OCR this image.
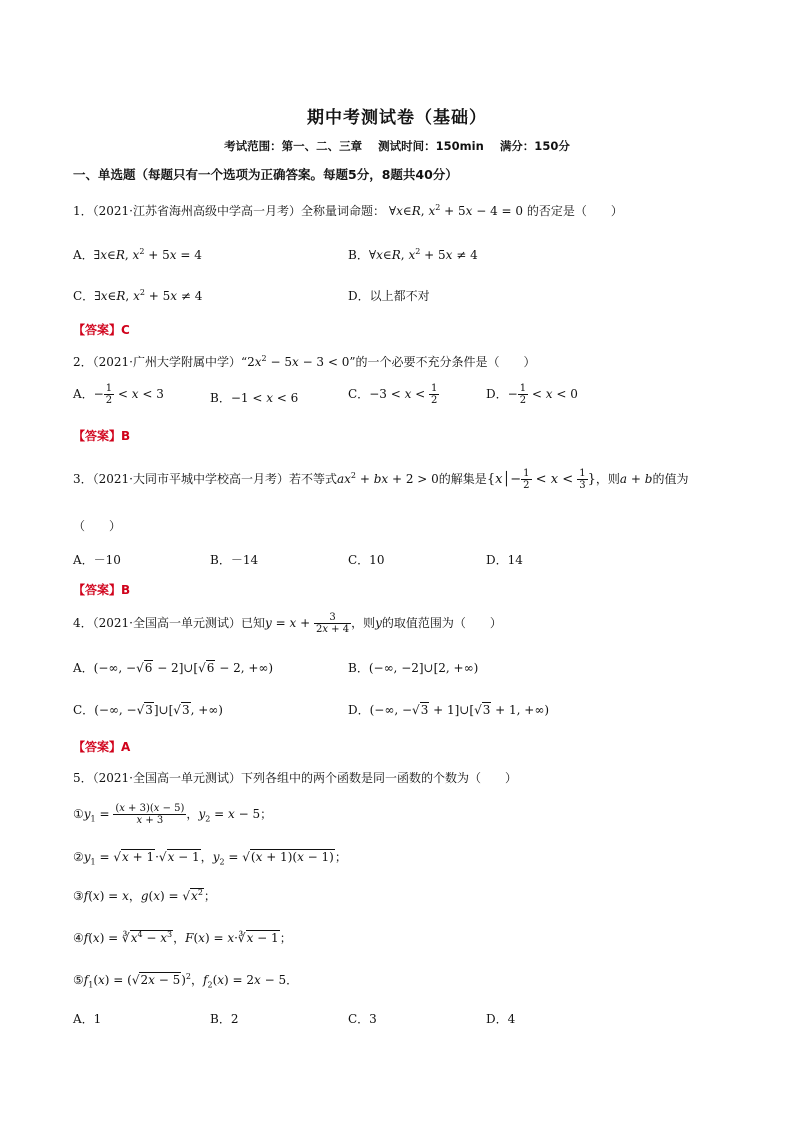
期中考测试卷（基础）
考试范围：第一、二、三章 测试时间：150min 满分：150分
一、单选题（每题只有一个选项为正确答案。每题5分，8题共40分）
1．（2021·江苏省海州高级中学高一月考）全称量词命题： ∀x∈R, $x^2 + 5x - 4 = 0$ 的否定是（　　）
A．∃x∈R, $x^2 + 5x = 4$	B．∀x∈R, $x^2 + 5x \ne 4$
C．∃x∈R, $x^2 + 5x \ne 4$	D．以上都不对
【答案】C
2．（2021·广州大学附属中学）“$2x^2 - 5x - 3 < 0$”的一个必要不充分条件是（　　）
A．− $\frac{1}{2} < x < 3$	B．−1 < x < 6	C．$-3 < x < \frac{1}{2}$	D．− $\frac{1}{2} < x < 0$
【答案】B
3．（2021·大同市平城中学校高一月考）若不等式$ax^2$ + bx + 2 > 0的解集是{x│− $\frac{1}{2} < x < \frac{1}{3}$ }，则a + b的值为
（　　）
A．－10	B．－14	C．10	D．14
【答案】B
4．（2021·全国高一单元测试）已知$y = x + \frac{3}{2x + 4}$ ，则y的取值范围为（　　）
A．(−∞, −√6 − 2]∪[√6 − 2, +∞)	B．(−∞, −2]∪[2, +∞)
C．(−∞, −√3]∪[√3, +∞)	D．(−∞, −√3 + 1]∪[√3 + 1, +∞)
【答案】A
5．（2021·全国高一单元测试）下列各组中的两个函数是同一函数的个数为（　　）
$①y_1 = \frac{(x + 3)(x - 5)}{x + 3}$ ，$y_2 = x - 5$；
$②y_1 = √x + 1\cdot√x - 1$，$y_2 = √(x + 1)(x - 1)$；
③f(x) = x，$g(x) = √x^2$；
④f(x) = $∛x^4 - x^3$，F(x) = x·∛x − 1；
$⑤f_1(x) = (√2x - 5)^2$，$f_2(x) = 2x - 5$．
A．1	B．2	C．3	D．4
